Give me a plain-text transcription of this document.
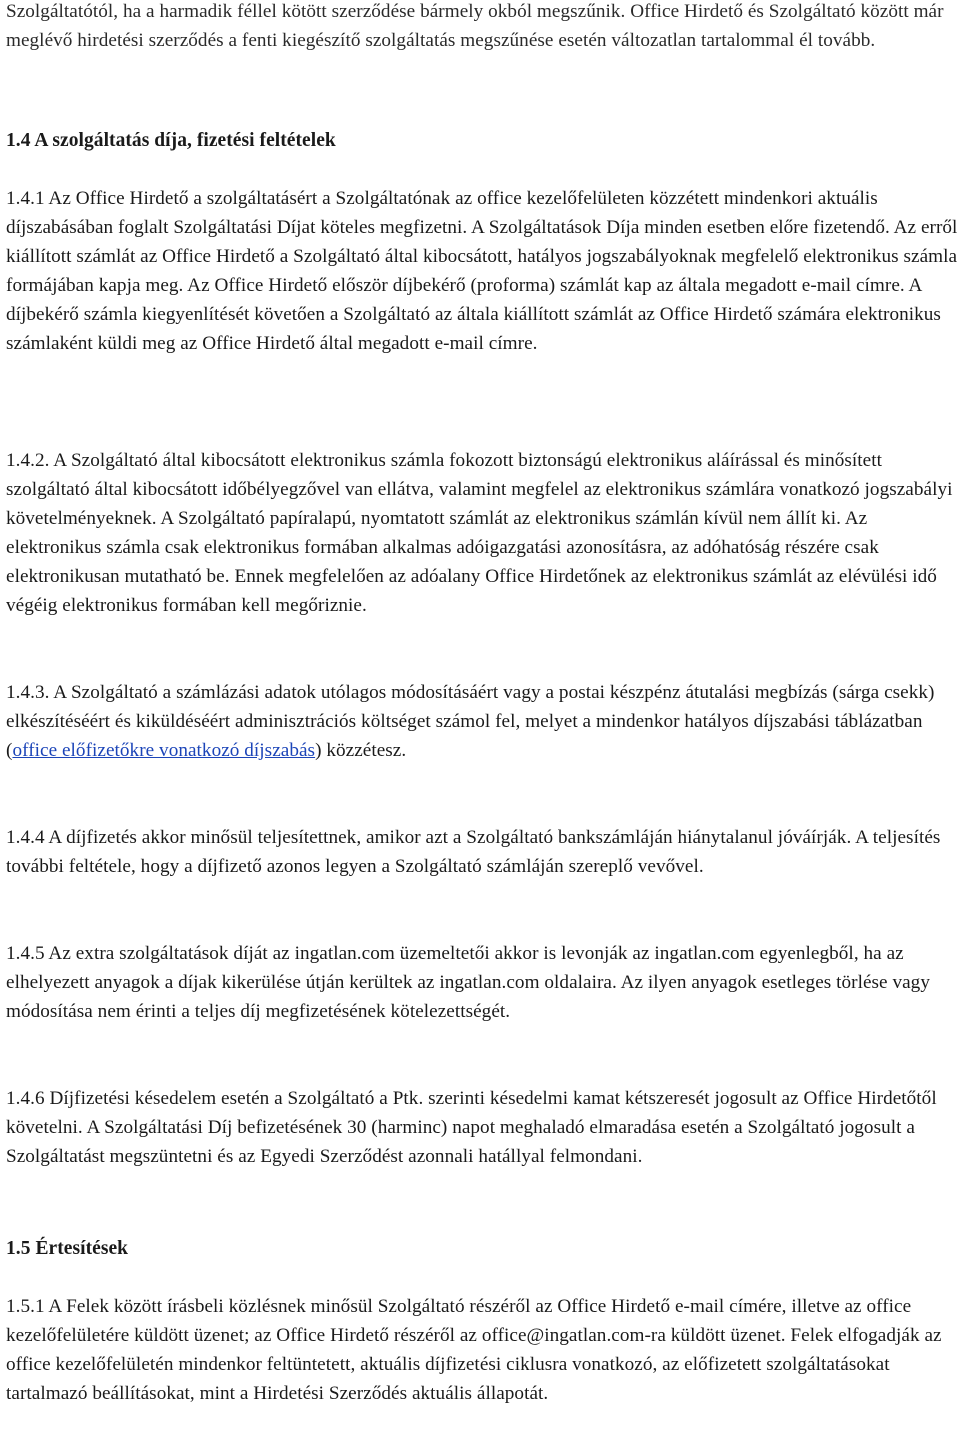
Szolgáltatótól, ha a harmadik féllel kötött szerződése bármely okból megszűnik. Office Hirdető és Szolgáltató között már meglévő hirdetési szerződés a fenti kiegészítő szolgáltatás megszűnése esetén változatlan tartalommal él tovább.

1.4 A szolgáltatás díja, fizetési feltételek

1.4.1 Az Office Hirdető a szolgáltatásért a Szolgáltatónak az office kezelőfelületen közzétett mindenkori aktuális díjszabásában foglalt Szolgáltatási Díjat köteles megfizetni. A Szolgáltatások Díja minden esetben előre fizetendő. Az erről kiállított számlát az Office Hirdető a Szolgáltató által kibocsátott, hatályos jogszabályoknak megfelelő elektronikus számla formájában kapja meg. Az Office Hirdető először díjbekérő (proforma) számlát kap az általa megadott e-mail címre. A díjbekérő számla kiegyenlítését követően a Szolgáltató az általa kiállított számlát az Office Hirdető számára elektronikus számlaként küldi meg az Office Hirdető által megadott e-mail címre.

1.4.2. A Szolgáltató által kibocsátott elektronikus számla fokozott biztonságú elektronikus aláírással és minősített szolgáltató által kibocsátott időbélyegzővel van ellátva, valamint megfelel az elektronikus számlára vonatkozó jogszabályi követelményeknek. A Szolgáltató papíralapú, nyomtatott számlát az elektronikus számlán kívül nem állít ki. Az elektronikus számla csak elektronikus formában alkalmas adóigazgatási azonosításra, az adóhatóság részére csak elektronikusan mutatható be. Ennek megfelelően az adóalany Office Hirdetőnek az elektronikus számlát az elévülési idő végéig elektronikus formában kell megőriznie.

1.4.3. A Szolgáltató a számlázási adatok utólagos módosításáért vagy a postai készpénz átutalási megbízás (sárga csekk) elkészítéséért és kiküldéséért adminisztrációs költséget számol fel, melyet a mindenkor hatályos díjszabási táblázatban (office előfizetőkre vonatkozó díjszabás) közzétesz.

1.4.4 A díjfizetés akkor minősül teljesítettnek, amikor azt a Szolgáltató bankszámláján hiánytalanul jóváírják. A teljesítés további feltétele, hogy a díjfizető azonos legyen a Szolgáltató számláján szereplő vevővel.

1.4.5 Az extra szolgáltatások díját az ingatlan.com üzemeltetői akkor is levonják az ingatlan.com egyenlegből, ha az elhelyezett anyagok a díjak kikerülése útján kerültek az ingatlan.com oldalaira. Az ilyen anyagok esetleges törlése vagy módosítása nem érinti a teljes díj megfizetésének kötelezettségét.

1.4.6 Díjfizetési késedelem esetén a Szolgáltató a Ptk. szerinti késedelmi kamat kétszeresét jogosult az Office Hirdetőtől követelni. A Szolgáltatási Díj befizetésének 30 (harminc) napot meghaladó elmaradása esetén a Szolgáltató jogosult a Szolgáltatást megszüntetni és az Egyedi Szerződést azonnali hatállyal felmondani.

1.5 Értesítések

1.5.1 A Felek között írásbeli közlésnek minősül Szolgáltató részéről az Office Hirdető e-mail címére, illetve az office kezelőfelületére küldött üzenet; az Office Hirdető részéről az office@ingatlan.com-ra küldött üzenet. Felek elfogadják az office kezelőfelületén mindenkor feltüntetett, aktuális díjfizetési ciklusra vonatkozó, az előfizetett szolgáltatásokat tartalmazó beállításokat, mint a Hirdetési Szerződés aktuális állapotát.
